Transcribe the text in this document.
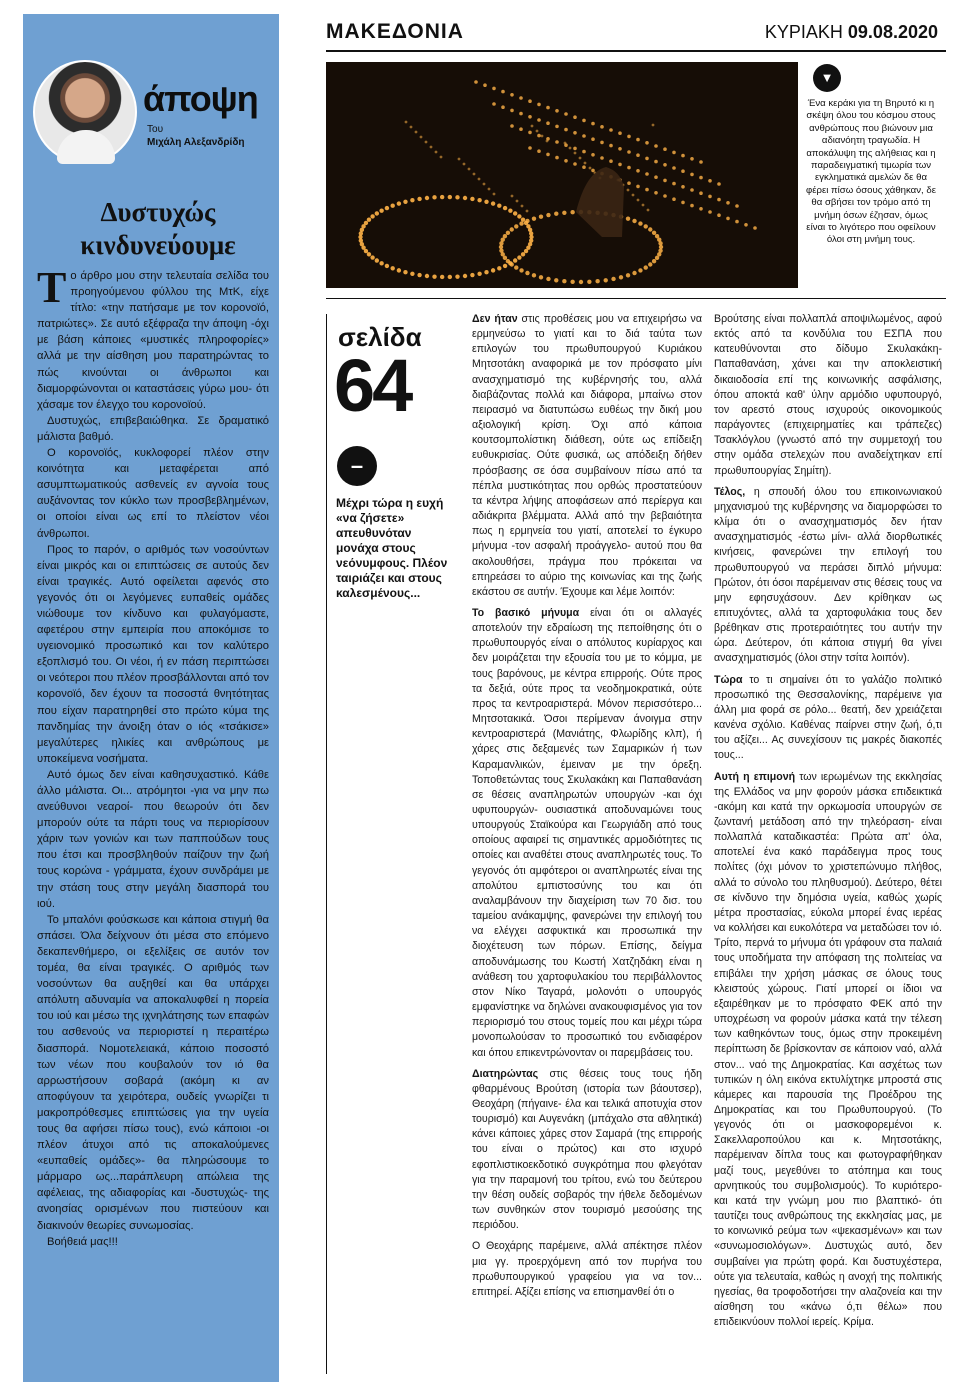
άποψη
Του
Μιχάλη Αλεξανδρίδη
Δυστυχώς κινδυνεύουμε

Το άρθρο μου στην τελευταία σελίδα του προηγούμενου φύλλου της ΜτΚ, είχε τίτλο: «την πατήσαμε με τον κορονοϊό, πατριώτες». Σε αυτό εξέφραζα την άποψη -όχι με βάση κάποιες «μυστικές πληροφορίες» αλλά με την αίσθηση μου παρατηρώντας το πώς κινούνται οι άνθρωποι και διαμορφώνονται οι καταστάσεις γύρω μου- ότι χάσαμε τον έλεγχο του κορονοϊού.

Δυστυχώς, επιβεβαιώθηκα. Σε δραματικό μάλιστα βαθμό.

Ο κορονοϊός, κυκλοφορεί πλέον στην κοινότητα και μεταφέρεται από ασυμπτωματικούς ασθενείς εν αγνοία τους αυξάνοντας τον κύκλο των προσβεβλημένων, οι οποίοι είναι ως επί το πλείστον νέοι άνθρωποι.

Προς το παρόν, ο αριθμός των νοσούντων είναι μικρός και οι επιπτώσεις σε αυτούς δεν είναι τραγικές. Αυτό οφείλεται αφενός στο γεγονός ότι οι λεγόμενες ευπαθείς ομάδες νιώθουμε τον κίνδυνο και φυλαγόμαστε, αφετέρου στην εμπειρία που αποκόμισε το υγειονομικό προσωπικό και τον καλύτερο εξοπλισμό του. Οι νέοι, ή εν πάση περιπτώσει οι νεότεροι που πλέον προσβάλλονται από τον κορονοϊό, δεν έχουν τα ποσοστά θνητότητας που είχαν παρατηρηθεί στο πρώτο κύμα της πανδημίας την άνοιξη όταν ο ιός «τσάκισε» μεγαλύτερες ηλικίες και ανθρώπους με υποκείμενα νοσήματα.

Αυτό όμως δεν είναι καθησυχαστικό. Κάθε άλλο μάλιστα. Οι... ατρόμητοι -για να μην πω ανεύθυνοι νεαροί- που θεωρούν ότι δεν μπορούν ούτε τα πάρτι τους να περιορίσουν χάριν των γονιών και των παππούδων τους που έτσι και προσβληθούν παίζουν την ζωή τους κορώνα - γράμματα, έχουν συνδράμει με την στάση τους στην μεγάλη διασπορά του ιού.

Το μπαλόνι φούσκωσε και κάποια στιγμή θα σπάσει. Όλα δείχνουν ότι μέσα στο επόμενο δεκαπενθήμερο, οι εξελίξεις σε αυτόν τον τομέα, θα είναι τραγικές. Ο αριθμός των νοσούντων θα αυξηθεί και θα υπάρχει απόλυτη αδυναμία να αποκαλυφθεί η πορεία του ιού και μέσω της ιχνηλάτησης των επαφών του ασθενούς να περιοριστεί η περαιτέρω διασπορά. Νομοτελειακά, κάποιο ποσοστό των νέων που κουβαλούν τον ιό θα αρρωστήσουν σοβαρά (ακόμη κι αν αποφύγουν τα χειρότερα, ουδείς γνωρίζει τι μακροπρόθεσμες επιπτώσεις για την υγεία τους θα αφήσει πίσω τους), ενώ κάποιοι -οι πλέον άτυχοι από τις αποκαλούμενες «ευπαθείς ομάδες»- θα πληρώσουμε το μάρμαρο ως...παράπλευρη απώλεια της αφέλειας, της αδιαφορίας και -δυστυχώς- της ανοησίας ορισμένων που πιστεύουν και διακινούν θεωρίες συνωμοσίας.

Βοήθειά μας!!!

ΜΑΚΕΔΟΝΙΑ	ΚΥΡΙΑΚΗ 09.08.2020
▼
Ένα κεράκι για τη Βηρυτό κι η σκέψη όλου του κόσμου στους ανθρώπους που βιώνουν μια αδιανόητη τραγωδία. Η αποκάλυψη της αλήθειας και η παραδειγματική τιμωρία των εγκληματικά αμελών δε θα φέρει πίσω όσους χάθηκαν, δε θα σβήσει τον τρόμο από τη μνήμη όσων έζησαν, όμως είναι το λιγότερο που οφείλουν όλοι στη μνήμη τους.
σελίδα
64
–
Μέχρι τώρα η ευχή «να ζήσετε» απευθυνόταν μονάχα στους νεόνυμφους. Πλέον ταιριάζει και στους καλεσμένους...

Δεν ήταν στις προθέσεις μου να επιχειρήσω να ερμηνεύσω το γιατί και το διά ταύτα των επιλογών του πρωθυπουργού Κυριάκου Μητσοτάκη αναφορικά με τον πρόσφατο μίνι ανασχηματισμό της κυβέρνησής του, αλλά διαβάζοντας πολλά και διάφορα, μπαίνω στον πειρασμό να διατυπώσω ευθέως την δική μου αξιολογική κρίση. Όχι από κάποια κουτσομπολίστικη διάθεση, ούτε ως επίδειξη ευθυκρισίας. Ούτε φυσικά, ως απόδειξη δήθεν πρόσβασης σε όσα συμβαίνουν πίσω από τα πέπλα μυστικότητας που ορθώς προστατεύουν τα κέντρα λήψης αποφάσεων από περίεργα και αδιάκριτα βλέμματα. Αλλά από την βεβαιότητα πως η ερμηνεία του γιατί, αποτελεί το έγκυρο μήνυμα -τον ασφαλή προάγγελο- αυτού που θα ακολουθήσει, πράγμα που πρόκειται να επηρεάσει το αύριο της κοινωνίας και της ζωής εκάστου σε αυτήν. Έχουμε και λέμε λοιπόν:

Το βασικό μήνυμα είναι ότι οι αλλαγές αποτελούν την εδραίωση της πεποίθησης ότι ο πρωθυπουργός είναι ο απόλυτος κυρίαρχος και δεν μοιράζεται την εξουσία του με το κόμμα, με τους βαρόνους, με κέντρα επιρροής. Ούτε προς τα δεξιά, ούτε προς τα νεοδημοκρατικά, ούτε προς τα κεντροαριστερά. Μόνον περισσότερο... Μητσοτακικά. Όσοι περίμεναν άνοιγμα στην κεντροαριστερά (Μανιάτης, Φλωρίδης κλπ), ή χάρες στις δεξαμενές των Σαμαρικών ή των Καραμανλικών, έμειναν με την όρεξη. Τοποθετώντας τους Σκυλακάκη και Παπαθανάση σε θέσεις αναπληρωτών υπουργών -και όχι υφυπουργών- ουσιαστικά αποδυναμώνει τους υπουργούς Σταϊκούρα και Γεωργιάδη από τους οποίους αφαιρεί τις σημαντικές αρμοδιότητες τις οποίες και αναθέτει στους αναπληρωτές τους. Το γεγονός ότι αμφότεροι οι αναπληρωτές είναι της απολύτου εμπιστοσύνης του και ότι αναλαμβάνουν την διαχείριση των 70 δισ. του ταμείου ανάκαμψης, φανερώνει την επιλογή του να ελέγχει ασφυκτικά και προσωπικά την διοχέτευση των πόρων. Επίσης, δείγμα αποδυνάμωσης του Κωστή Χατζηδάκη είναι η ανάθεση του χαρτοφυλακίου του περιβάλλοντος στον Νίκο Ταγαρά, μολονότι ο υπουργός εμφανίστηκε να δηλώνει ανακουφισμένος για τον περιορισμό του στους τομείς που και μέχρι τώρα μονοπωλούσαν το προσωπικό του ενδιαφέρον και όπου επικεντρώνονταν οι παρεμβάσεις του.

Διατηρώντας στις θέσεις τους τους ήδη φθαρμένους Βρούτση (ιστορία των βάουτσερ), Θεοχάρη (πήγαινε- έλα και τελικά αποτυχία στον τουρισμό) και Αυγενάκη (μπάχαλο στα αθλητικά) κάνει κάποιες χάρες στον Σαμαρά (της επιρροής του είναι ο πρώτος) και στο ισχυρό εφοπλιστικοεκδοτικό συγκρότημα που φλεγόταν για την παραμονή του τρίτου, ενώ του δεύτερου την θέση ουδείς σοβαρός την ήθελε δεδομένων των συνθηκών στον τουρισμό μεσούσης της περιόδου.

Ο Θεοχάρης παρέμεινε, αλλά απέκτησε πλέον μια γγ. προερχόμενη από τον πυρήνα του πρωθυπουργικού γραφείου για να τον... επιτηρεί. Αξίζει επίσης να επισημανθεί ότι ο

Βρούτσης είναι πολλαπλά αποψιλωμένος, αφού εκτός από τα κονδύλια του ΕΣΠΑ που κατευθύνονται στο δίδυμο Σκυλακάκη-Παπαθανάση, χάνει και την αποκλειστική δικαιοδοσία επί της κοινωνικής ασφάλισης, όπου αποκτά καθ' ύλην αρμόδιο υφυπουργό, τον αρεστό στους ισχυρούς οικονομικούς παράγοντες (επιχειρηματίες και τράπεζες) Τσακλόγλου (γνωστό από την συμμετοχή του στην ομάδα στελεχών που αναδείχτηκαν επί πρωθυπουργίας Σημίτη).

Τέλος, η σπουδή όλου του επικοινωνιακού μηχανισμού της κυβέρνησης να διαμορφώσει το κλίμα ότι ο ανασχηματισμός δεν ήταν ανασχηματισμός -έστω μίνι- αλλά διορθωτικές κινήσεις, φανερώνει την επιλογή του πρωθυπουργού να περάσει διπλό μήνυμα: Πρώτον, ότι όσοι παρέμειναν στις θέσεις τους να μην εφησυχάσουν. Δεν κρίθηκαν ως επιτυχόντες, αλλά τα χαρτοφυλάκια τους δεν βρέθηκαν στις προτεραιότητες του αυτήν την ώρα. Δεύτερον, ότι κάποια στιγμή θα γίνει ανασχηματισμός (όλοι στην τσίτα λοιπόν).

Τώρα το τι σημαίνει ότι το γαλάζιο πολιτικό προσωπικό της Θεσσαλονίκης, παρέμεινε για άλλη μια φορά σε ρόλο... θεατή, δεν χρειάζεται κανένα σχόλιο. Καθένας παίρνει στην ζωή, ό,τι του αξίζει... Ας συνεχίσουν τις μακρές διακοπές τους...

Αυτή η επιμονή των ιερωμένων της εκκλησίας της Ελλάδος να μην φορούν μάσκα επιδεικτικά -ακόμη και κατά την ορκωμοσία υπουργών σε ζωντανή μετάδοση από την τηλεόραση- είναι πολλαπλά καταδικαστέα: Πρώτα απ' όλα, αποτελεί ένα κακό παράδειγμα προς τους πολίτες (όχι μόνον το χριστεπώνυμο πλήθος, αλλά το σύνολο του πληθυσμού). Δεύτερο, θέτει σε κίνδυνο την δημόσια υγεία, καθώς χωρίς μέτρα προστασίας, εύκολα μπορεί ένας ιερέας να κολλήσει και ευκολότερα να μεταδώσει τον ιό. Τρίτο, περνά το μήνυμα ότι γράφουν στα παλαιά τους υποδήματα την απόφαση της πολιτείας να επιβάλει την χρήση μάσκας σε όλους τους κλειστούς χώρους. Γιατί μπορεί οι ίδιοι να εξαιρέθηκαν με το πρόσφατο ΦΕΚ από την υποχρέωση να φορούν μάσκα κατά την τέλεση των καθηκόντων τους, όμως στην προκειμένη περίπτωση δε βρίσκονταν σε κάποιον ναό, αλλά στον... ναό της Δημοκρατίας. Και ασχέτως των τυπικών η όλη εικόνα εκτυλίχτηκε μπροστά στις κάμερες και παρουσία της Προέδρου της Δημοκρατίας και του Πρωθυπουργού. (Το γεγονός ότι οι μασκοφορεμένοι κ. Σακελλαροπούλου και κ. Μητσοτάκης, παρέμειναν δίπλα τους και φωτογραφήθηκαν μαζί τους, μεγεθύνει το ατόπημα και τους αρνητικούς του συμβολισμούς). Το κυριότερο- και κατά την γνώμη μου πιο βλαπτικό- ότι ταυτίζει τους ανθρώπους της εκκλησίας μας, με το κοινωνικό ρεύμα των «ψεκασμένων» και των «συνωμοσιολόγων». Δυστυχώς αυτό, δεν συμβαίνει για πρώτη φορά. Και δυστυχέστερα, ούτε για τελευταία, καθώς η ανοχή της πολιτικής ηγεσίας, θα τροφοδοτήσει την αλαζονεία και την αίσθηση του «κάνω ό,τι θέλω» που επιδεικνύουν πολλοί ιερείς. Κρίμα.
